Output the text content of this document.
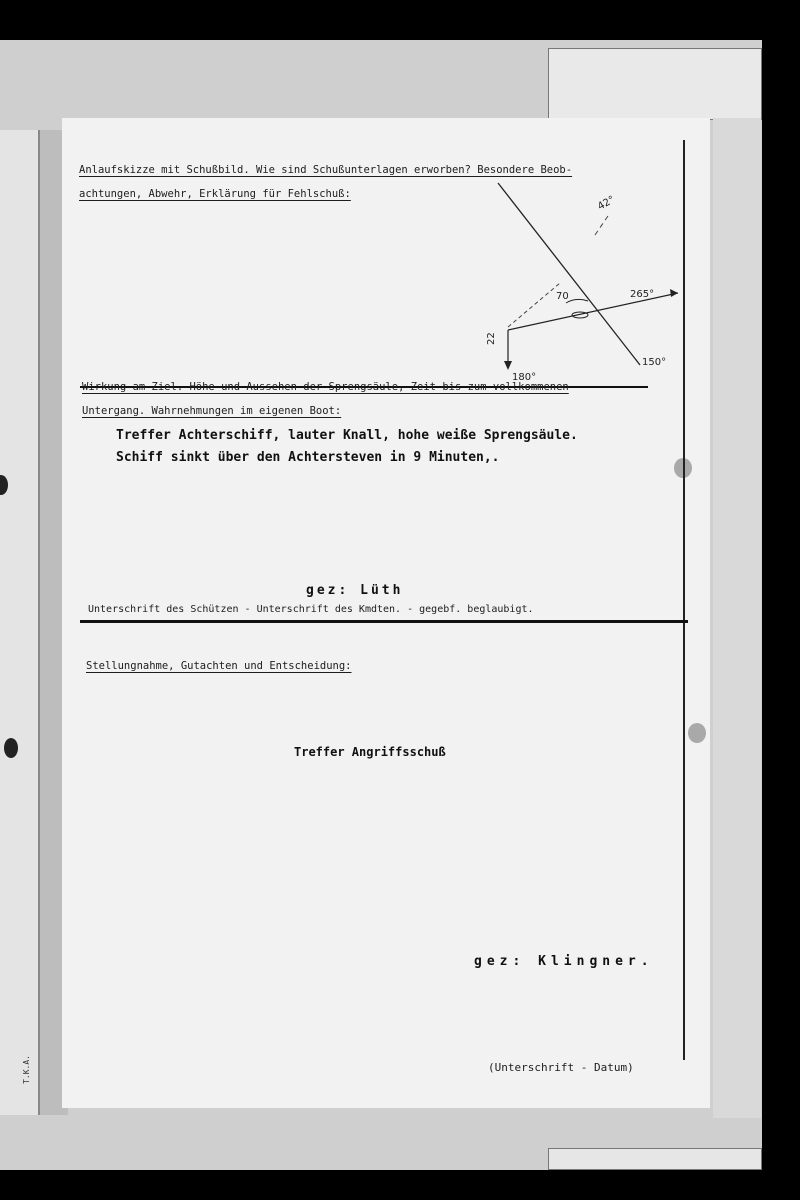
T.K.A.
Anlaufskizze mit Schußbild. Wie sind Schußunterlagen erworben? Besondere Beob-
achtungen, Abwehr, Erklärung für Fehlschuß:
42°
70	265°
150°
180°
22
Wirkung am Ziel. Höhe und Aussehen der Sprengsäule, Zeit bis zum vollkommenen
Untergang. Wahrnehmungen im eigenen Boot:
Treffer Achterschiff, lauter Knall, hohe weiße Sprengsäule.
Schiff sinkt über den Achtersteven in 9 Minuten,.
gez: Lüth
Unterschrift des Schützen - Unterschrift des Kmdten. - gegebf. beglaubigt.
Stellungnahme, Gutachten und Entscheidung:
Treffer Angriffsschuß
gez: Klingner.
(Unterschrift - Datum)
